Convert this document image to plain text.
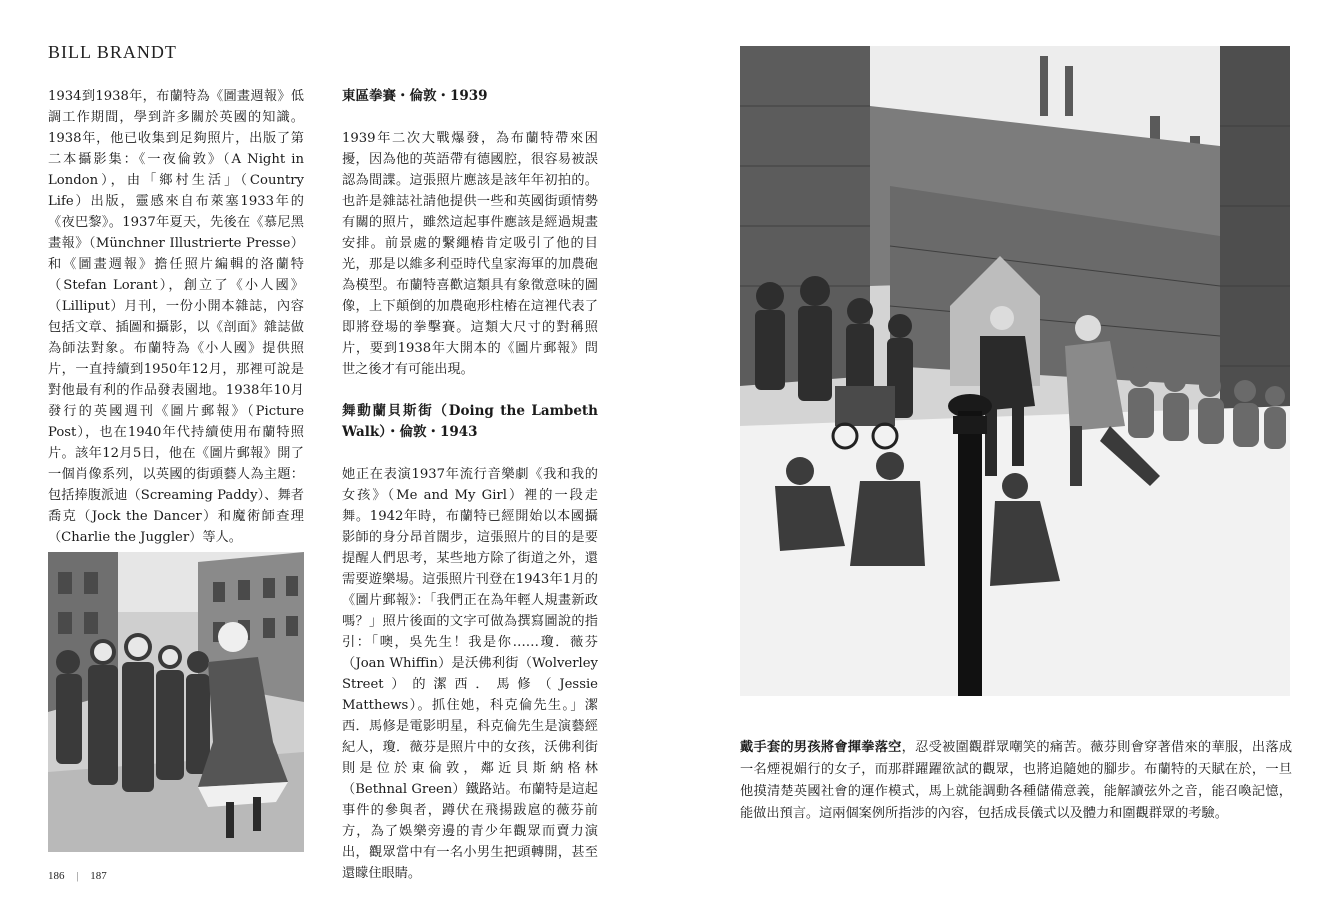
BILL BRANDT

1934到1938年，布蘭特為《圖畫週報》低調工作期間，學到許多關於英國的知識。1938年，他已收集到足夠照片，出版了第二本攝影集：《一夜倫敦》（A Night in London），由「鄉村生活」（Country Life）出版，靈感來自布萊塞1933年的《夜巴黎》。1937年夏天，先後在《慕尼黑畫報》（Münchner Illustrierte Presse）和《圖畫週報》擔任照片編輯的洛蘭特（Stefan Lorant），創立了《小人國》（Lilliput）月刊，一份小開本雜誌，內容包括文章、插圖和攝影，以《剖面》雜誌做為師法對象。布蘭特為《小人國》提供照片，一直持續到1950年12月，那裡可說是對他最有利的作品發表園地。1938年10月發行的英國週刊《圖片郵報》（Picture Post），也在1940年代持續使用布蘭特照片。該年12月5日，他在《圖片郵報》開了一個肖像系列，以英國的街頭藝人為主題：包括捧腹派迪（Screaming Paddy）、舞者喬克（Jock the Dancer）和魔術師查理（Charlie the Juggler）等人。

東區拳賽・倫敦・1939

1939年二次大戰爆發，為布蘭特帶來困擾，因為他的英語帶有德國腔，很容易被誤認為間諜。這張照片應該是該年年初拍的。也許是雜誌社請他提供一些和英國街頭情勢有關的照片，雖然這起事件應該是經過規畫安排。前景處的繫繩樁肯定吸引了他的目光，那是以維多利亞時代皇家海軍的加農砲為模型。布蘭特喜歡這類具有象徵意味的圖像，上下顛倒的加農砲形柱樁在這裡代表了即將登場的拳擊賽。這類大尺寸的對稱照片，要到1938年大開本的《圖片郵報》問世之後才有可能出現。

舞動蘭貝斯街（Doing the Lambeth Walk）・倫敦・1943

她正在表演1937年流行音樂劇《我和我的女孩》（Me and My Girl）裡的一段走舞。1942年時，布蘭特已經開始以本國攝影師的身分昂首闊步，這張照片的目的是要提醒人們思考，某些地方除了街道之外，還需要遊樂場。這張照片刊登在1943年1月的《圖片郵報》：「我們正在為年輕人規畫新政嗎？」照片後面的文字可做為撰寫圖說的指引：「噢，吳先生！我是你……瓊．薇芬（Joan Whiffin）是沃佛利街（Wolverley Street）的潔西．馬修（Jessie Matthews）。抓住她，科克倫先生。」潔西．馬修是電影明星，科克倫先生是演藝經紀人，瓊．薇芬是照片中的女孩，沃佛利街則是位於東倫敦，鄰近貝斯納格林（Bethnal Green）鐵路站。布蘭特是這起事件的參與者，蹲伏在飛揚跋扈的薇芬前方，為了娛樂旁邊的青少年觀眾而賣力演出，觀眾當中有一名小男生把頭轉開，甚至還矇住眼睛。

戴手套的男孩將會揮拳落空，忍受被圍觀群眾嘲笑的痛苦。薇芬則會穿著借來的華服，出落成一名煙視媚行的女子，而那群躍躍欲試的觀眾，也將追隨她的腳步。布蘭特的天賦在於，一旦他摸清楚英國社會的運作模式，馬上就能調動各種儲備意義，能解讀弦外之音，能召喚記憶，能做出預言。這兩個案例所指涉的內容，包括成長儀式以及體力和圍觀群眾的考驗。
186 | 187
